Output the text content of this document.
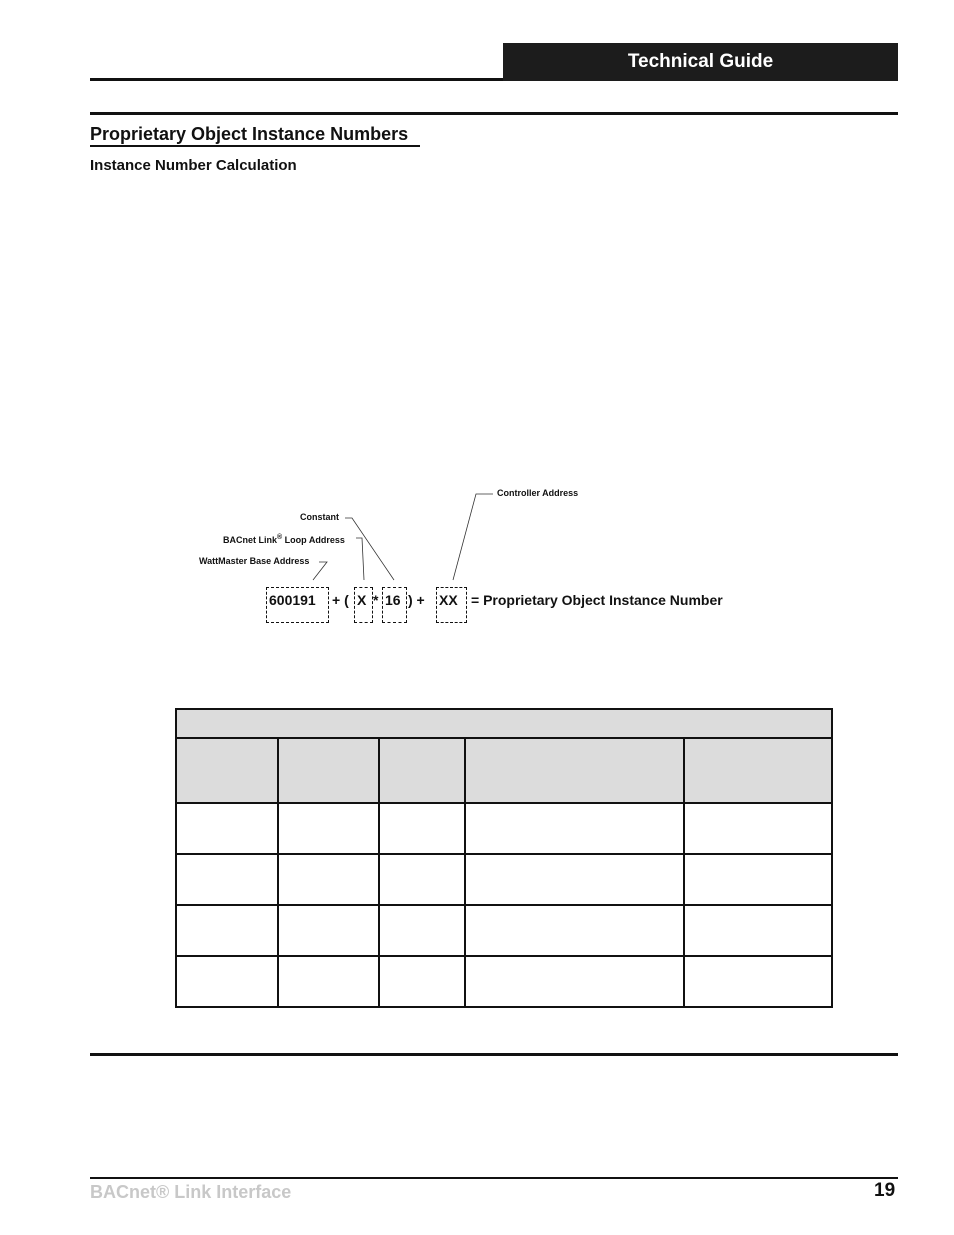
Technical Guide
Proprietary Object Instance Numbers
Instance Number Calculation
Controller Address
Constant
BACnet Link® Loop Address
WattMaster Base Address
600191 + ( X * 16 ) + XX = Proprietary Object Instance Number

BACnet® Link Interface	19
